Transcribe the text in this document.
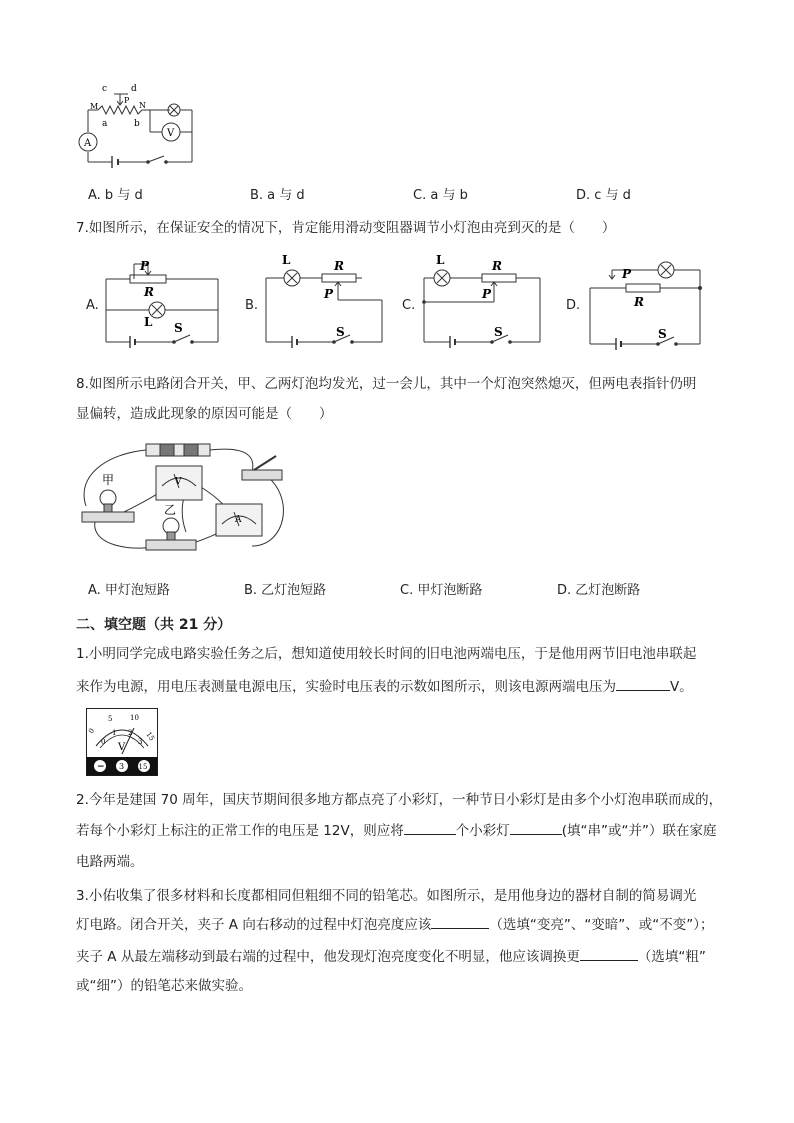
c	d
M
P
N
a	b
A
V
A. b 与 d	B. a 与 d	C. a 与 b	D. c 与 d
7.如图所示，在保证安全的情况下，肯定能用滑动变阻器调节小灯泡由亮到灭的是（　　）
A.	B.	C.	D.
P
R
L S
L	R
P
S
L	R
P
S
P
R
S
8.如图所示电路闭合开关，甲、乙两灯泡均发光，过一会儿，其中一个灯泡突然熄灭，但两电表指针仍明
显偏转，造成此现象的原因可能是（　　）
甲	V
乙
A
A. 甲灯泡短路	B. 乙灯泡短路	C. 甲灯泡断路	D. 乙灯泡断路
二、填空题（共 21 分）
1.小明同学完成电路实验任务之后，想知道使用较长时间的旧电池两端电压，于是他用两节旧电池串联起
来作为电源，用电压表测量电源电压，实验时电压表的示数如图所示，则该电源两端电压为	V。
0
5	10
15
0
1 2
3
V
− 3 15
2.今年是建国 70 周年，国庆节期间很多地方都点亮了小彩灯，一种节日小彩灯是由多个小灯泡串联而成的，
若每个小彩灯上标注的正常工作的电压是 12V，则应将	个小彩灯	(填“串”或“并”）联在家庭
电路两端。
3.小佑收集了很多材料和长度都相同但粗细不同的铅笔芯。如图所示，是用他身边的器材自制的简易调光
灯电路。闭合开关，夹子 A 向右移动的过程中灯泡亮度应该	（选填“变亮”、“变暗”、或“不变”）；
夹子 A 从最左端移动到最右端的过程中，他发现灯泡亮度变化不明显，他应该调换更	（选填“粗”
或“细”）的铅笔芯来做实验。
